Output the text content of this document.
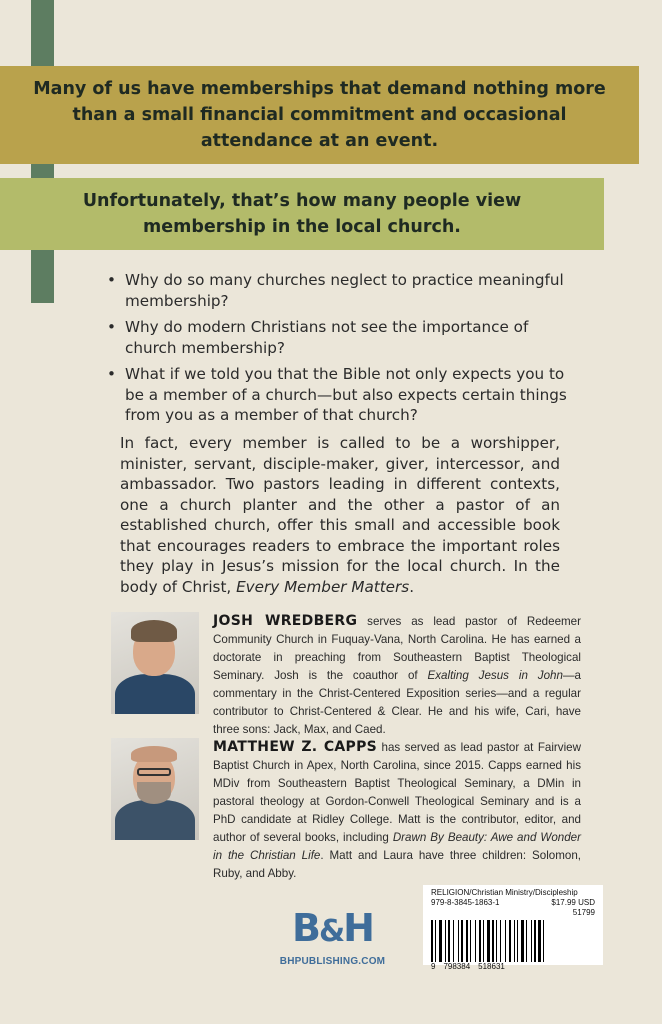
Many of us have memberships that demand nothing more than a small financial commitment and occasional attendance at an event.
Unfortunately, that’s how many people view membership in the local church.
• Why do so many churches neglect to practice meaningful membership?
• Why do modern Christians not see the importance of church membership?
• What if we told you that the Bible not only expects you to be a member of a church—but also expects certain things from you as a member of that church?

In fact, every member is called to be a worshipper, minister, servant, disciple-maker, giver, intercessor, and ambassador. Two pastors leading in different contexts, one a church planter and the other a pastor of an established church, offer this small and accessible book that encourages readers to embrace the important roles they play in Jesus’s mission for the local church. In the body of Christ, Every Member Matters.

JOSH WREDBERG serves as lead pastor of Redeemer Community Church in Fuquay-Vana, North Carolina. He has earned a doctorate in preaching from Southeastern Baptist Theological Seminary. Josh is the coauthor of Exalting Jesus in John—a commentary in the Christ-Centered Exposition series—and a regular contributor to Christ-Centered & Clear. He and his wife, Cari, have three sons: Jack, Max, and Caed.

MATTHEW Z. CAPPS has served as lead pastor at Fairview Baptist Church in Apex, North Carolina, since 2015. Capps earned his MDiv from Southeastern Baptist Theological Seminary, a DMin in pastoral theology at Gordon-Conwell Theological Seminary and is a PhD candidate at Ridley College. Matt is the contributor, editor, and author of several books, including Drawn By Beauty: Awe and Wonder in the Christian Life. Matt and Laura have three children: Solomon, Ruby, and Abby.

B&H
BHPUBLISHING.COM
RELIGION/Christian Ministry/Discipleship
979-8-3845-1863-1	$17.99 USD
51799
9 798384 518631
